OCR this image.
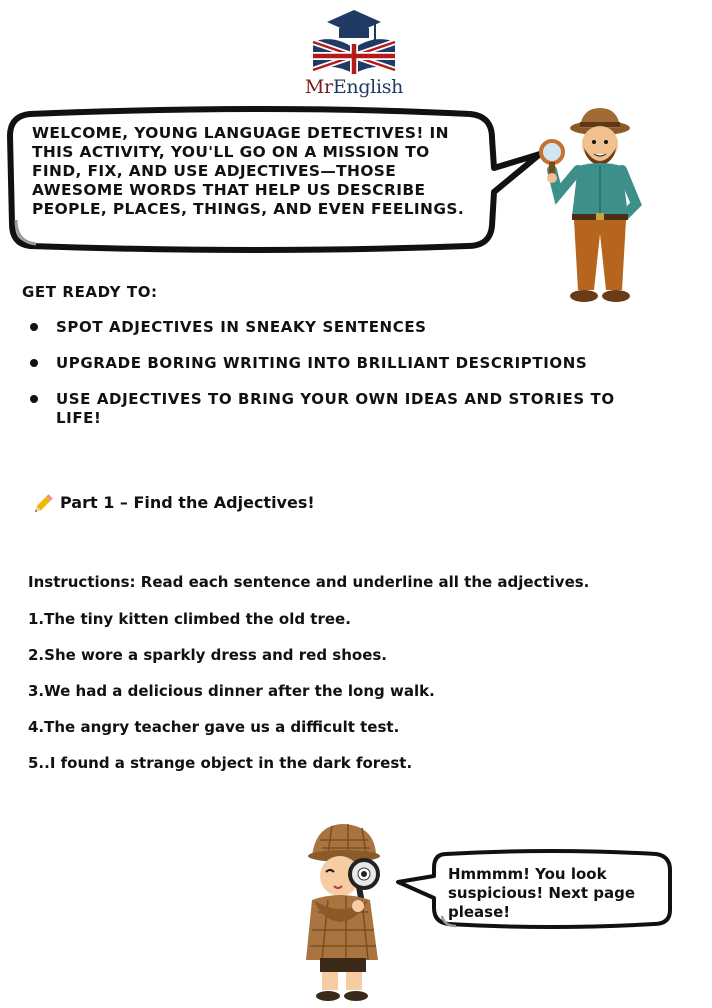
MrEnglish
WELCOME, YOUNG LANGUAGE DETECTIVES! IN THIS ACTIVITY, YOU'LL GO ON A MISSION TO FIND, FIX, AND USE ADJECTIVES—THOSE AWESOME WORDS THAT HELP US DESCRIBE PEOPLE, PLACES, THINGS, AND EVEN FEELINGS.
GET READY TO:
SPOT ADJECTIVES IN SNEAKY SENTENCES
UPGRADE BORING WRITING INTO BRILLIANT DESCRIPTIONS
USE ADJECTIVES TO BRING YOUR OWN IDEAS AND STORIES TO LIFE!
Part 1 – Find the Adjectives!
Instructions: Read each sentence and underline all the adjectives.
1.The tiny kitten climbed the old tree.
2.She wore a sparkly dress and red shoes.
3.We had a delicious dinner after the long walk.
4.The angry teacher gave us a difficult test.
5..I found a strange object in the dark forest.
Hmmmm! You look suspicious! Next page please!
